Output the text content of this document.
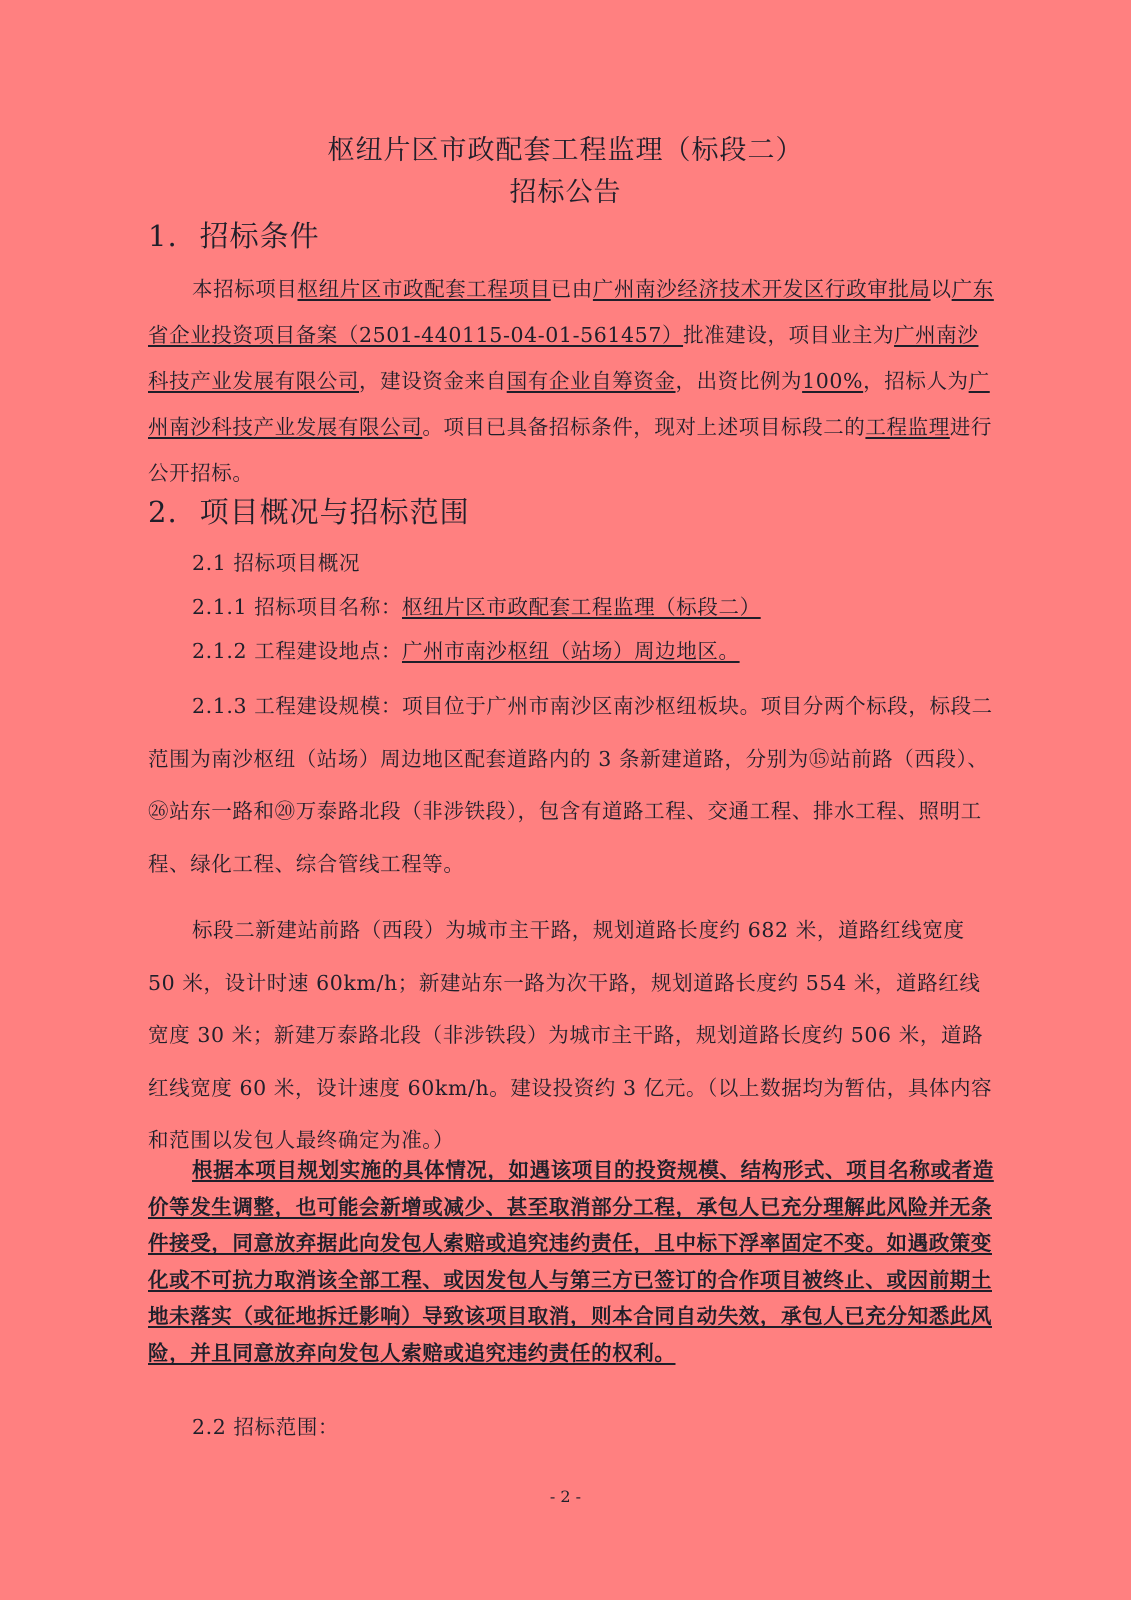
枢纽片区市政配套工程监理（标段二）
招标公告
1. 招标条件

本招标项目枢纽片区市政配套工程项目已由广州南沙经济技术开发区行政审批局以广东省企业投资项目备案（2501-440115-04-01-561457）批准建设，项目业主为广州南沙科技产业发展有限公司，建设资金来自国有企业自筹资金，出资比例为100%，招标人为广州南沙科技产业发展有限公司。项目已具备招标条件，现对上述项目标段二的工程监理进行公开招标。

2. 项目概况与招标范围
2.1 招标项目概况
2.1.1 招标项目名称：枢纽片区市政配套工程监理（标段二）
2.1.2 工程建设地点：广州市南沙枢纽（站场）周边地区。

2.1.3 工程建设规模：项目位于广州市南沙区南沙枢纽板块。项目分两个标段，标段二范围为南沙枢纽（站场）周边地区配套道路内的 3 条新建道路，分别为⑮站前路（西段）、㉖站东一路和⑳万泰路北段（非涉铁段），包含有道路工程、交通工程、排水工程、照明工程、绿化工程、综合管线工程等。

标段二新建站前路（西段）为城市主干路，规划道路长度约 682 米，道路红线宽度 50 米，设计时速 60km/h；新建站东一路为次干路，规划道路长度约 554 米，道路红线宽度 30 米；新建万泰路北段（非涉铁段）为城市主干路，规划道路长度约 506 米，道路红线宽度 60 米，设计速度 60km/h。建设投资约 3 亿元。（以上数据均为暂估，具体内容和范围以发包人最终确定为准。）

根据本项目规划实施的具体情况，如遇该项目的投资规模、结构形式、项目名称或者造价等发生调整，也可能会新增或减少、甚至取消部分工程，承包人已充分理解此风险并无条件接受，同意放弃据此向发包人索赔或追究违约责任，且中标下浮率固定不变。如遇政策变化或不可抗力取消该全部工程、或因发包人与第三方已签订的合作项目被终止、或因前期土地未落实（或征地拆迁影响）导致该项目取消，则本合同自动失效，承包人已充分知悉此风险，并且同意放弃向发包人索赔或追究违约责任的权利。

2.2 招标范围：
- 2 -
